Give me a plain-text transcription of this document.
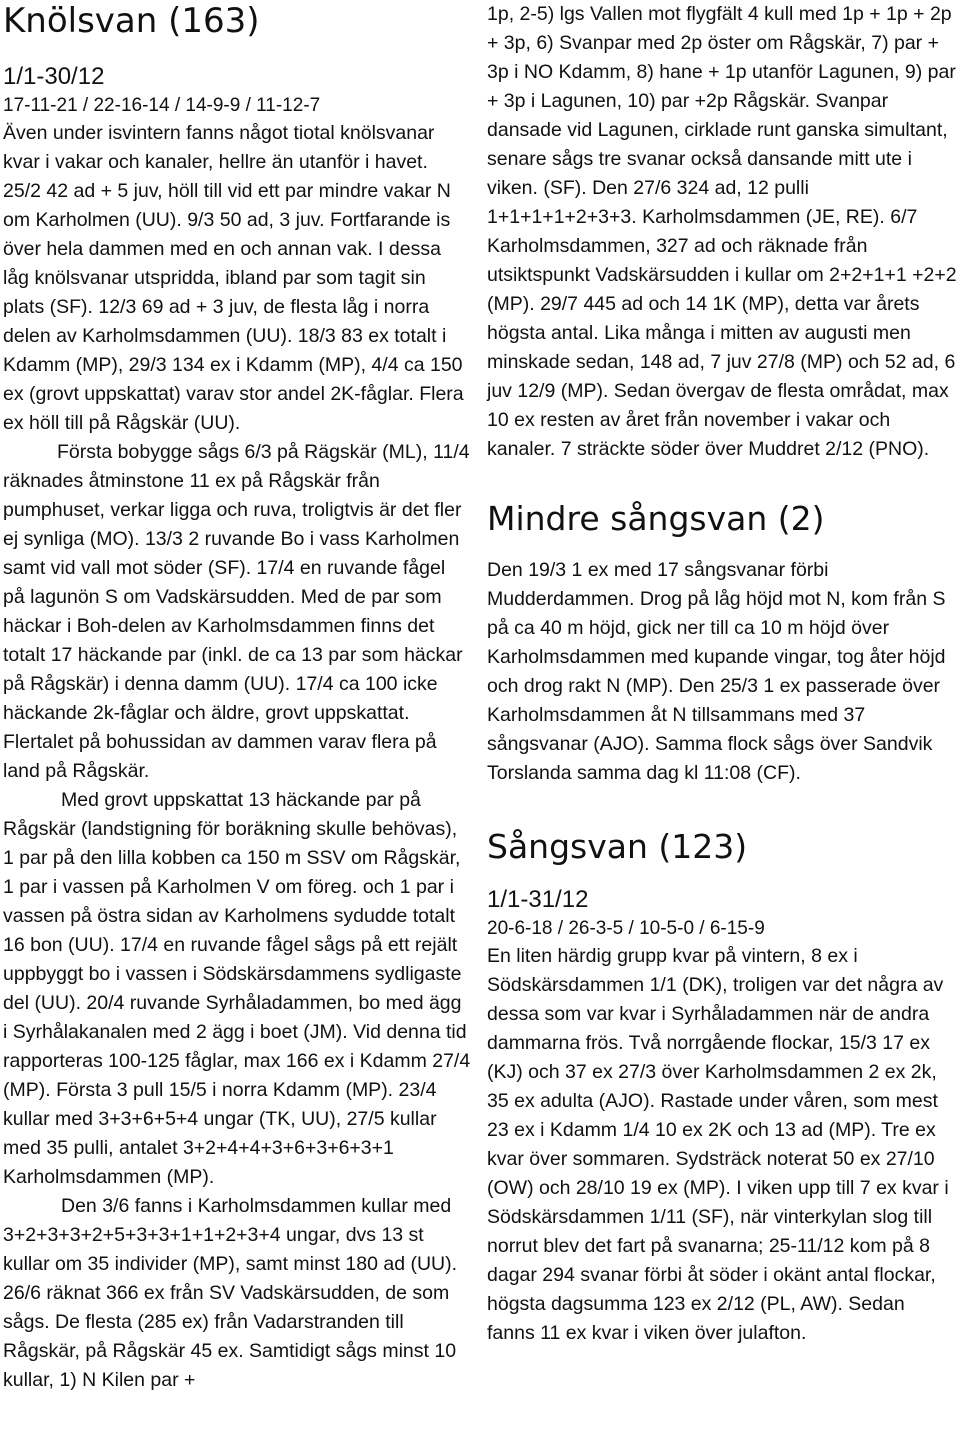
Knölsvan (163)
1/1-30/12
17-11-21 / 22-16-14 / 14-9-9 / 11-12-7

Även under isvintern fanns något tiotal knölsvanar kvar i vakar och kanaler, hellre än utanför i havet. 25/2 42 ad + 5 juv, höll till vid ett par mindre vakar N om Karholmen (UU). 9/3 50 ad, 3 juv. Fortfarande is över hela dammen med en och annan vak. I dessa låg knölsvanar utspridda, ibland par som tagit sin plats (SF). 12/3 69 ad + 3 juv, de flesta låg i norra delen av Karholmsdammen (UU). 18/3 83 ex totalt i Kdamm (MP), 29/3 134 ex i Kdamm (MP), 4/4 ca 150 ex (grovt uppskattat) varav stor andel 2K-fåglar. Flera ex höll till på Rågskär (UU).

Första bobygge sågs 6/3 på Rägskär (ML), 11/4 räknades åtminstone 11 ex på Rågskär från pumphuset, verkar ligga och ruva, troligtvis är det fler ej synliga (MO). 13/3 2 ruvande Bo i vass Karholmen samt vid vall mot söder (SF). 17/4 en ruvande fågel på lagunön S om Vadskärsudden. Med de par som häckar i Boh-delen av Karholmsdammen finns det totalt 17 häckande par (inkl. de ca 13 par som häckar på Rågskär) i denna damm (UU). 17/4 ca 100 icke häckande 2k-fåglar och äldre, grovt uppskattat. Flertalet på bohussidan av dammen varav flera på land på Rågskär.

Med grovt uppskattat 13 häckande par på Rågskär (landstigning för boräkning skulle behövas), 1 par på den lilla kobben ca 150 m SSV om Rågskär, 1 par i vassen på Karholmen V om föreg. och 1 par i vassen på östra sidan av Karholmens sydudde totalt 16 bon (UU). 17/4 en ruvande fågel sågs på ett rejält uppbyggt bo i vassen i Södskärsdammens sydligaste del (UU). 20/4 ruvande Syrhåladammen, bo med ägg i Syrhålakanalen med 2 ägg i boet (JM). Vid denna tid rapporteras 100-125 fåglar, max 166 ex i Kdamm 27/4 (MP). Första 3 pull 15/5 i norra Kdamm (MP). 23/4 kullar med 3+3+6+5+4 ungar (TK, UU), 27/5 kullar med 35 pulli, antalet 3+2+4+4+3+6+3+6+3+1 Karholmsdammen (MP).

Den 3/6 fanns i Karholmsdammen kullar med 3+2+3+3+2+5+3+3+1+1+2+3+4 ungar, dvs 13 st kullar om 35 individer (MP), samt minst 180 ad (UU). 26/6 räknat 366 ex från SV Vadskärsudden, de som sågs. De flesta (285 ex) från Vadarstranden till Rågskär, på Rågskär 45 ex. Samtidigt sågs minst 10 kullar, 1) N Kilen par +

1p, 2-5) lgs Vallen mot flygfält 4 kull med 1p + 1p + 2p + 3p, 6) Svanpar med 2p öster om Rågskär, 7) par + 3p i NO Kdamm, 8) hane + 1p utanför Lagunen, 9) par + 3p i Lagunen, 10) par +2p Rågskär. Svanpar dansade vid Lagunen, cirklade runt ganska simultant, senare sågs tre svanar också dansande mitt ute i viken. (SF). Den 27/6 324 ad, 12 pulli 1+1+1+1+2+3+3. Karholmsdammen (JE, RE). 6/7 Karholmsdammen, 327 ad och räknade från utsiktspunkt Vadskärsudden i kullar om 2+2+1+1 +2+2 (MP). 29/7 445 ad och 14 1K (MP), detta var årets högsta antal. Lika många i mitten av augusti men minskade sedan, 148 ad, 7 juv 27/8 (MP) och 52 ad, 6 juv 12/9 (MP). Sedan övergav de flesta områdat, max 10 ex resten av året från november i vakar och kanaler. 7 sträckte söder över Muddret 2/12 (PNO).

Mindre sångsvan (2)

Den 19/3 1 ex med 17 sångsvanar förbi Mudderdammen. Drog på låg höjd mot N, kom från S på ca 40 m höjd, gick ner till ca 10 m höjd över Karholmsdammen med kupande vingar, tog åter höjd och drog rakt N (MP). Den 25/3 1 ex passerade över Karholmsdammen åt N tillsammans med 37 sångsvanar (AJO). Samma flock sågs över Sandvik Torslanda samma dag kl 11:08 (CF).

Sångsvan (123)
1/1-31/12
20-6-18 / 26-3-5 / 10-5-0 / 6-15-9

En liten härdig grupp kvar på vintern, 8 ex i Södskärsdammen 1/1 (DK), troligen var det några av dessa som var kvar i Syrhåladammen när de andra dammarna frös. Två norrgående flockar, 15/3 17 ex (KJ) och 37 ex 27/3 över Karholmsdammen 2 ex 2k, 35 ex adulta (AJO). Rastade under våren, som mest 23 ex i Kdamm 1/4 10 ex 2K och 13 ad (MP). Tre ex kvar över sommaren. Sydsträck noterat 50 ex 27/10 (OW) och 28/10 19 ex (MP). I viken upp till 7 ex kvar i Södskärsdammen 1/11 (SF), när vinterkylan slog till norrut blev det fart på svanarna; 25-11/12 kom på 8 dagar 294 svanar förbi åt söder i okänt antal flockar, högsta dagsumma 123 ex 2/12 (PL, AW). Sedan fanns 11 ex kvar i viken över julafton.
